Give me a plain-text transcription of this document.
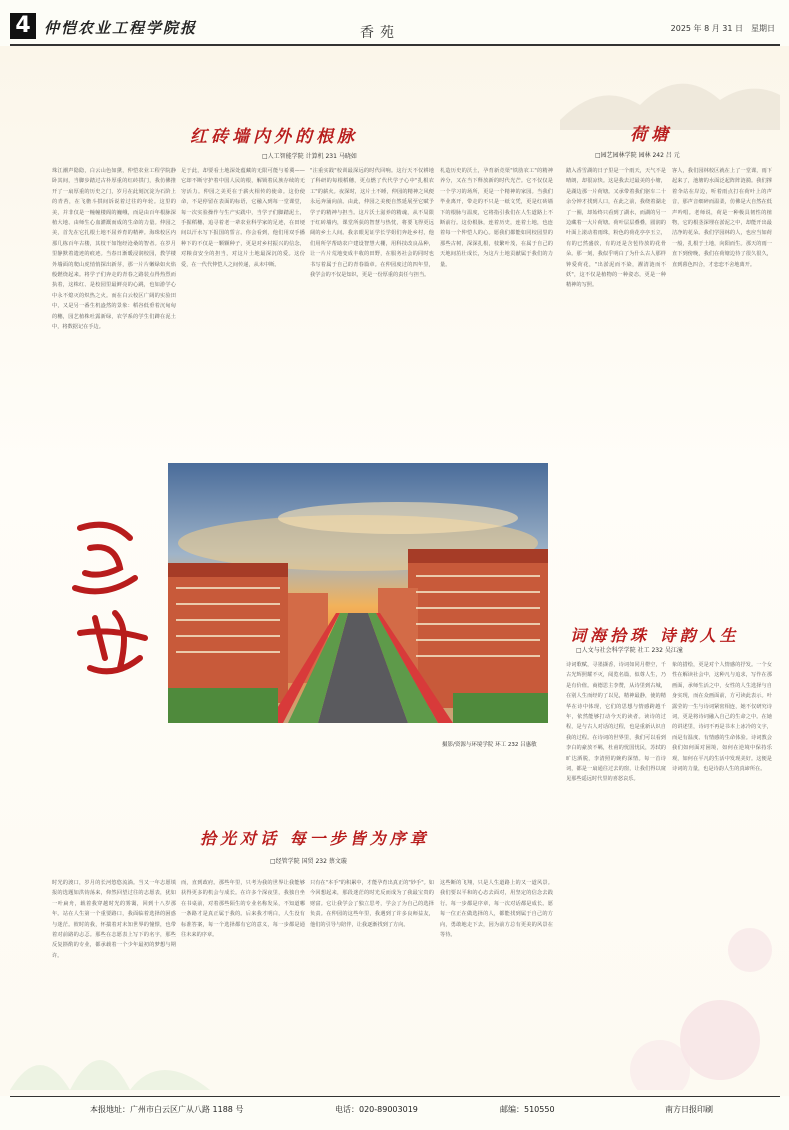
4 仲恺农业工程学院报	香苑	2025 年 8 月 31 日　星期日
红砖墙内外的根脉
□人工智能学院 计算机 231 马晓如
珠江潮声隐隐，白云山色如黛，仲恺农业工程学院静卧其间，当脚步踏过古朴厚重的红砖拱门，我仿佛推开了一扇厚重的历史之门，岁月在此刻沉淀为石阶上的青苔，在飞檐斗拱间诉说着过往的年轮。这里的美，并非仅是一幢幢楼阁的巍峨，而是由百年根脉深植大地、由师生心血灌溉而成的生命的力量。仲园之美，首先在它扎根土地不屈养育的精神。海珠校区内那几栋百年古楼，其枝干如饱经沧桑的智者。在岁月里静默着遗迹的痕迹。当春日渐暖浸润校园，教学楼外墙面的爬山虎悄悄探出新芽，那一片片嫩绿如火焰般燃烧起来。将学子们奔走的青春之路装点得热烈而执着，这株红、是校园里最鲜亮的心跳，也如游学心中永不熄灭的炽热之火。而在白云校区广阔的实验田中，又是另一番生机盎然的景象：稻谷低垂着沉甸甸的穗，园艺植株吐露新绿，农学系的学生们蹲在泥土中，将数据记在手边。
足于此，却要看土地深处蕴藏的无限可能与希冀——它却不断守护着中国人民的根，解锁着民族存续的无穷活力。仲园之美更在于薪火相传的使命。这份使命，不是停留在表面的标语，它融入到每一堂课堂，每一次实验操作与生产实践中，当学子们脚踏泥土，手握稻穗，追寻着老一辈农业科学家的足迹，在田埂间以汗水写下报国的誓言。你会看到，他们用双手播种下的不仅是一颗颗种子，更是对乡村振兴的信念，对粮食安全的担当，对这片土地最深沉的爱。这份爱，在一代代仲恺人之间传递，从未中断。
"注重实践"校训最深远的时代回响。这行天不仅耕地了科研的每根稻穗，更点燃了代代学子心中"扎根农工"的薪火。夜深时，这片土不睡，仲园的精神之风便永远奔涌向前。由此，仲园之美便自然延展至它赋予学子的精神与担当。这片沃土滋养的精魂，从不局限于红砖墙内，课堂所获的智慧与热忱，将要飞得更远阔的乡土人间。我亲眼见证学长学姐们奔赴乡村，他们用所学帮助农户建设智慧大棚，用科技改良品种，让一片片荒地变成丰收的田野，在服务社会的同时也书写着属于自己的青春篇章。在仲园度过的四年里，我学会的不仅是知识，更是一份厚重的责任与担当。
札造历史的沃土，孕育新竞渠"铁肋农工"的精神养分，又在当下释放新的时代光芒。它不仅仅是一个学习的场所，更是一个精神的家园。当我们毕业离开，带走的不只是一纸文凭，更是红砖墙下的根脉与温度，它将指引我们在人生道路上不断前行。这份根脉，连着历史，连着土地，也连着每一个仲恺人的心。愿我们都能如同校园里的那些古树，深深扎根，枝繁叶茂，在属于自己的天地间茁壮成长，为这片土地贡献属于我们的力量。
荷塘
□园艺园林学院 园林 242 吕 元
踏入香雪湖的日子里是一个雨天，天气不是晴朗，却很凉快。这是我去过最美的小塘，是湖边那一片荷塘。又承带着我们驱车二十余分钟才找到人口，在此之前，我绕着湖走了一圈，却始终只看到了湖水，而湖的另一边藏着一大片荷塘。荷叶层层叠叠，圆润的叶面上滚动着雨珠，粉色的荷花亭亭玉立，有的已然盛放，有的还是含苞待放的花骨朵。那一刻，我似乎明白了为什么古人那样钟爱荷花，"出淤泥而不染，濯清涟而不妖"，这不仅是植物的一种姿态，更是一种精神的写照。
客人，我们园林校区就在上了一堂课，雨下起来了，池塘的水面泛起阵阵涟漪。我们撑着伞站在岸边，听着雨点打在荷叶上的声音，那声音细碎而温柔，仿佛是大自然在低声吟唱。老师说，荷是一种极具韧性的植物，它的根茎深埋在淤泥之中，却能开出最洁净的花朵。我们学园林的人，也应当如荷一般，扎根于土地，向阳而生。那天的雨一直下到傍晚，我们在荷塘边待了很久很久，直到暮色四合，才恋恋不舍地离开。
摄影/资源与环境学院 环工 232 吕惠敏
词海拾珠 诗韵人生
□人文与社会科学学院 社工 232 吴江潼
诗词歌赋，寻墨撷香，诗词如同月橙空，千古光辉照耀不灭，阅览名篇，似尊人生，乃是有价值。商德思主李赞，从诗里到古城，在别人生而经的了以见，精神最静，使的精华在诗中体现，它们的思想与情感跨越千年，依然能够打动今天的读者。读诗的过程，是与古人对话的过程，也是重新认识自我的过程。在诗词的世界里，我们可以看到李白的豪放不羁，杜甫的忧国忧民，苏轼的旷达洒脱，李清照的婉约深情。每一首诗词，都是一扇通往过去的窗，让我们得以窥见那些遥远时代里的喜怒哀乐。
象的措绘，更是对个人情感的抒发。一个女性在解读社会中，这种凡与追求，写作在那画面，承师生活之中，女性的人生选择与自身实现，而在众画面前，方可读此表示。叶露莹的一生与诗词紧密相连，她不仅研究诗词，更是将诗词融入自己的生命之中。在她的讲述里，诗词不再是书本上冰冷的文字，而是有温度、有情感的生命体验。诗词教会我们如何面对困境，如何在逆境中保持乐观，如何在平凡的生活中发现美好。这便是诗词的力量，也是诗韵人生的真谛所在。
拾光对话 每一步皆为序章
□经管学院 国贸 232 蔡文璇
时光的渡口，岁月的长河悠悠流淌。当又一年志愿填报的选题如洪钧荡来，仰然回望过往的志愿表，犹如一叶扁舟，载着我穿越时光的雾霭，回到十八岁那年。站在人生第一个重要路口，我面临着选择的困惑与迷茫。彼时的我，怀揣着对未知世界的憧憬，也带着对前路的忐忑。那些在志愿表上写下的名字，那些反复斟酌的专业，都承载着一个少年最初的梦想与期许。
而，直到政府。那些年里，只考为我的世界让我能够获得更多的机会与成长。在许多个深夜里，我独自坐在书桌前，对着那些陌生的专业名称发呆，不知道哪一条路才是真正属于我的。后来我才明白，人生没有标准答案，每一个选择都有它的意义，每一步都是通往未来的序章。
只有在"本手"的积累中，才能孕育出真正的"妙手"。如今回想起来，那段迷茫的时光反而成为了我最宝贵的财富。它让我学会了独立思考，学会了为自己的选择负责。在仲园的这些年里，我遇到了许多良师益友，他们的引导与陪伴，让我逐渐找到了方向。
这些断的飞翔，只是人生道路上的又一道风景。我们要以平和的心态去面对，用坚定的信念去践行。每一步都是序章，每一次对话都是成长。愿每一位正在做选择的人，都能找到属于自己的方向，勇敢地走下去，因为前方总有更美的风景在等待。
本报地址：广州市白云区广从八路 1188 号	电话：020-89003019	邮编：510550	南方日报印刷
